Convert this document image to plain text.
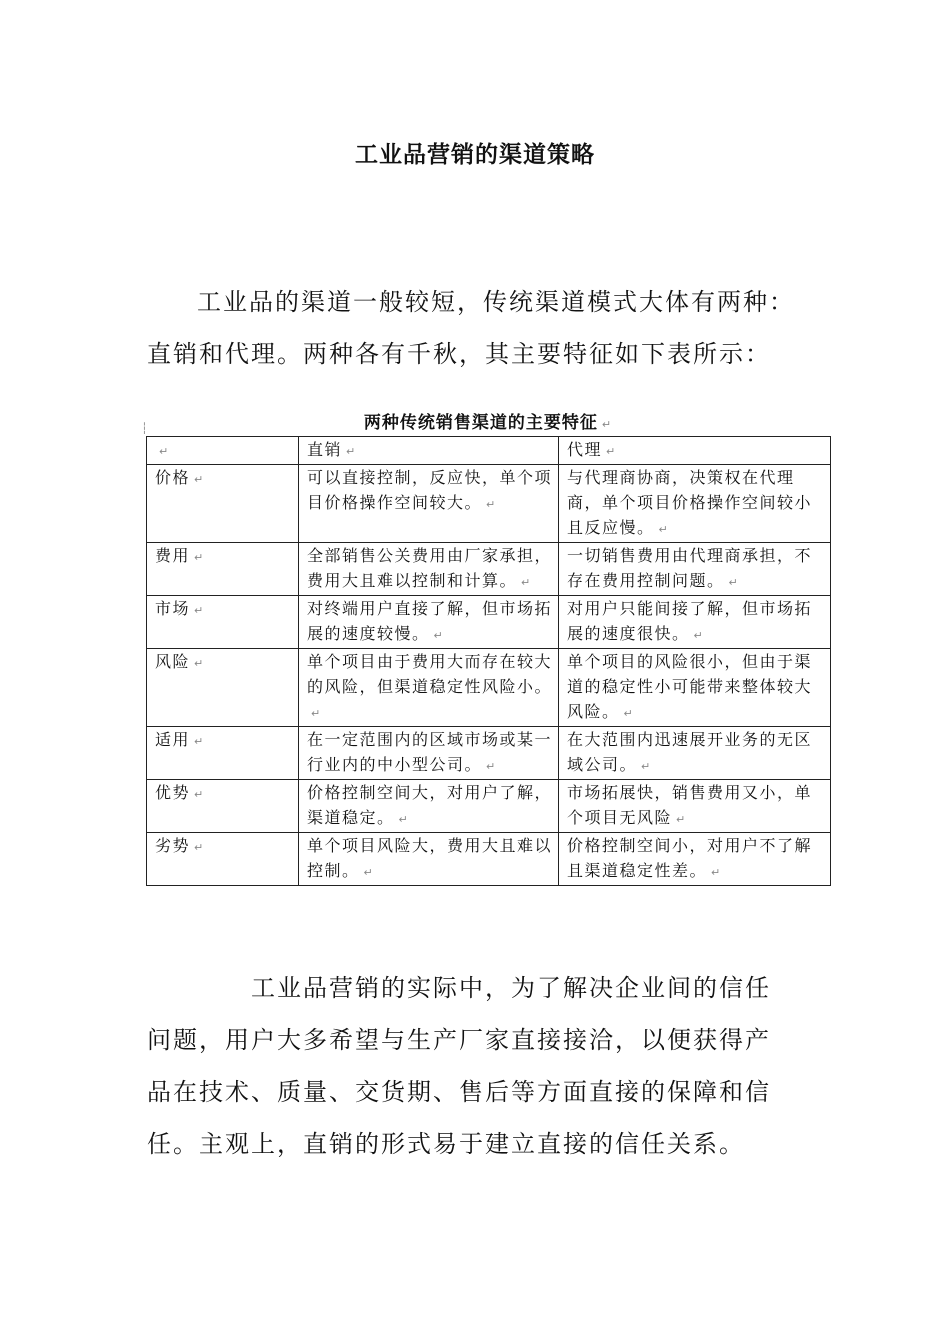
工业品营销的渠道策略

工业品的渠道一般较短，传统渠道模式大体有两种：直销和代理。两种各有千秋，其主要特征如下表所示：

┆	两种传统销售渠道的主要特征 ↵
↵	直销 ↵	代理 ↵
价格 ↵	可以直接控制，反应快，单个项目价格操作空间较大。 ↵	与代理商协商，决策权在代理商，单个项目价格操作空间较小且反应慢。 ↵
费用 ↵	全部销售公关费用由厂家承担，费用大且难以控制和计算。 ↵	一切销售费用由代理商承担，不存在费用控制问题。 ↵
市场 ↵	对终端用户直接了解，但市场拓展的速度较慢。 ↵	对用户只能间接了解，但市场拓展的速度很快。 ↵
风险 ↵	单个项目由于费用大而存在较大的风险，但渠道稳定性风险小。↵	单个项目的风险很小，但由于渠道的稳定性小可能带来整体较大风险。 ↵
适用 ↵	在一定范围内的区域市场或某一行业内的中小型公司。 ↵	在大范围内迅速展开业务的无区域公司。 ↵
优势 ↵	价格控制空间大，对用户了解，渠道稳定。 ↵	市场拓展快，销售费用又小，单个项目无风险 ↵
劣势 ↵	单个项目风险大，费用大且难以控制。 ↵	价格控制空间小，对用户不了解且渠道稳定性差。 ↵

工业品营销的实际中，为了解决企业间的信任问题，用户大多希望与生产厂家直接接洽，以便获得产品在技术、质量、交货期、售后等方面直接的保障和信任。主观上，直销的形式易于建立直接的信任关系。
